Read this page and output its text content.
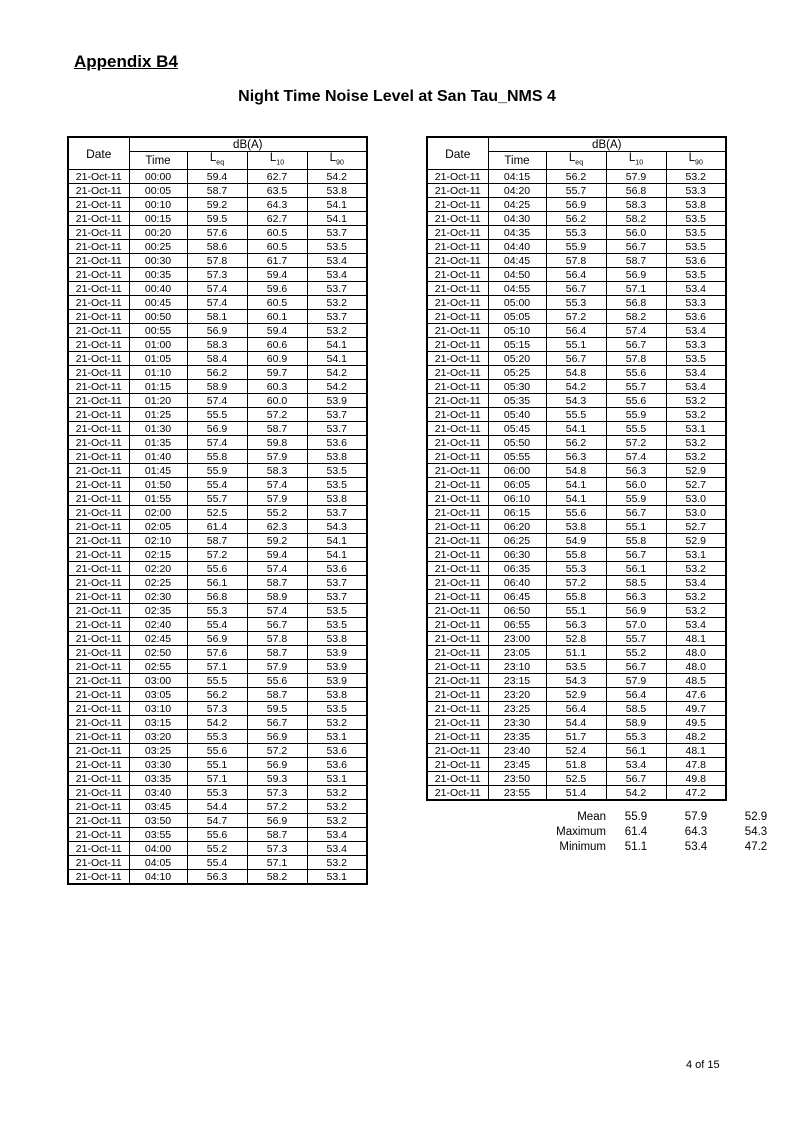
Appendix B4

Night Time Noise Level at San Tau_NMS 4

Date	dB(A)			
	Time	$L_{eq}$	$L_{10}$	$L_{90}$
21-Oct-11	00:00	59.4	62.7	54.2
21-Oct-11	00:05	58.7	63.5	53.8
21-Oct-11	00:10	59.2	64.3	54.1
21-Oct-11	00:15	59.5	62.7	54.1
21-Oct-11	00:20	57.6	60.5	53.7
21-Oct-11	00:25	58.6	60.5	53.5
21-Oct-11	00:30	57.8	61.7	53.4
21-Oct-11	00:35	57.3	59.4	53.4
21-Oct-11	00:40	57.4	59.6	53.7
21-Oct-11	00:45	57.4	60.5	53.2
21-Oct-11	00:50	58.1	60.1	53.7
21-Oct-11	00:55	56.9	59.4	53.2
21-Oct-11	01:00	58.3	60.6	54.1
21-Oct-11	01:05	58.4	60.9	54.1
21-Oct-11	01:10	56.2	59.7	54.2
21-Oct-11	01:15	58.9	60.3	54.2
21-Oct-11	01:20	57.4	60.0	53.9
21-Oct-11	01:25	55.5	57.2	53.7
21-Oct-11	01:30	56.9	58.7	53.7
21-Oct-11	01:35	57.4	59.8	53.6
21-Oct-11	01:40	55.8	57.9	53.8
21-Oct-11	01:45	55.9	58.3	53.5
21-Oct-11	01:50	55.4	57.4	53.5
21-Oct-11	01:55	55.7	57.9	53.8
21-Oct-11	02:00	52.5	55.2	53.7
21-Oct-11	02:05	61.4	62.3	54.3
21-Oct-11	02:10	58.7	59.2	54.1
21-Oct-11	02:15	57.2	59.4	54.1
21-Oct-11	02:20	55.6	57.4	53.6
21-Oct-11	02:25	56.1	58.7	53.7
21-Oct-11	02:30	56.8	58.9	53.7
21-Oct-11	02:35	55.3	57.4	53.5
21-Oct-11	02:40	55.4	56.7	53.5
21-Oct-11	02:45	56.9	57.8	53.8
21-Oct-11	02:50	57.6	58.7	53.9
21-Oct-11	02:55	57.1	57.9	53.9
21-Oct-11	03:00	55.5	55.6	53.9
21-Oct-11	03:05	56.2	58.7	53.8
21-Oct-11	03:10	57.3	59.5	53.5
21-Oct-11	03:15	54.2	56.7	53.2
21-Oct-11	03:20	55.3	56.9	53.1
21-Oct-11	03:25	55.6	57.2	53.6
21-Oct-11	03:30	55.1	56.9	53.6
21-Oct-11	03:35	57.1	59.3	53.1
21-Oct-11	03:40	55.3	57.3	53.2
21-Oct-11	03:45	54.4	57.2	53.2
21-Oct-11	03:50	54.7	56.9	53.2
21-Oct-11	03:55	55.6	58.7	53.4
21-Oct-11	04:00	55.2	57.3	53.4
21-Oct-11	04:05	55.4	57.1	53.2
21-Oct-11	04:10	56.3	58.2	53.1
Date	dB(A)			
	Time	$L_{eq}$	$L_{10}$	$L_{90}$
21-Oct-11	04:15	56.2	57.9	53.2
21-Oct-11	04:20	55.7	56.8	53.3
21-Oct-11	04:25	56.9	58.3	53.8
21-Oct-11	04:30	56.2	58.2	53.5
21-Oct-11	04:35	55.3	56.0	53.5
21-Oct-11	04:40	55.9	56.7	53.5
21-Oct-11	04:45	57.8	58.7	53.6
21-Oct-11	04:50	56.4	56.9	53.5
21-Oct-11	04:55	56.7	57.1	53.4
21-Oct-11	05:00	55.3	56.8	53.3
21-Oct-11	05:05	57.2	58.2	53.6
21-Oct-11	05:10	56.4	57.4	53.4
21-Oct-11	05:15	55.1	56.7	53.3
21-Oct-11	05:20	56.7	57.8	53.5
21-Oct-11	05:25	54.8	55.6	53.4
21-Oct-11	05:30	54.2	55.7	53.4
21-Oct-11	05:35	54.3	55.6	53.2
21-Oct-11	05:40	55.5	55.9	53.2
21-Oct-11	05:45	54.1	55.5	53.1
21-Oct-11	05:50	56.2	57.2	53.2
21-Oct-11	05:55	56.3	57.4	53.2
21-Oct-11	06:00	54.8	56.3	52.9
21-Oct-11	06:05	54.1	56.0	52.7
21-Oct-11	06:10	54.1	55.9	53.0
21-Oct-11	06:15	55.6	56.7	53.0
21-Oct-11	06:20	53.8	55.1	52.7
21-Oct-11	06:25	54.9	55.8	52.9
21-Oct-11	06:30	55.8	56.7	53.1
21-Oct-11	06:35	55.3	56.1	53.2
21-Oct-11	06:40	57.2	58.5	53.4
21-Oct-11	06:45	55.8	56.3	53.2
21-Oct-11	06:50	55.1	56.9	53.2
21-Oct-11	06:55	56.3	57.0	53.4
21-Oct-11	23:00	52.8	55.7	48.1
21-Oct-11	23:05	51.1	55.2	48.0
21-Oct-11	23:10	53.5	56.7	48.0
21-Oct-11	23:15	54.3	57.9	48.5
21-Oct-11	23:20	52.9	56.4	47.6
21-Oct-11	23:25	56.4	58.5	49.7
21-Oct-11	23:30	54.4	58.9	49.5
21-Oct-11	23:35	51.7	55.3	48.2
21-Oct-11	23:40	52.4	56.1	48.1
21-Oct-11	23:45	51.8	53.4	47.8
21-Oct-11	23:50	52.5	56.7	49.8
21-Oct-11	23:55	51.4	54.2	47.2
Mean	55.9	57.9	52.9
Maximum	61.4	64.3	54.3
Minimum	51.1	53.4	47.2
4 of 15
